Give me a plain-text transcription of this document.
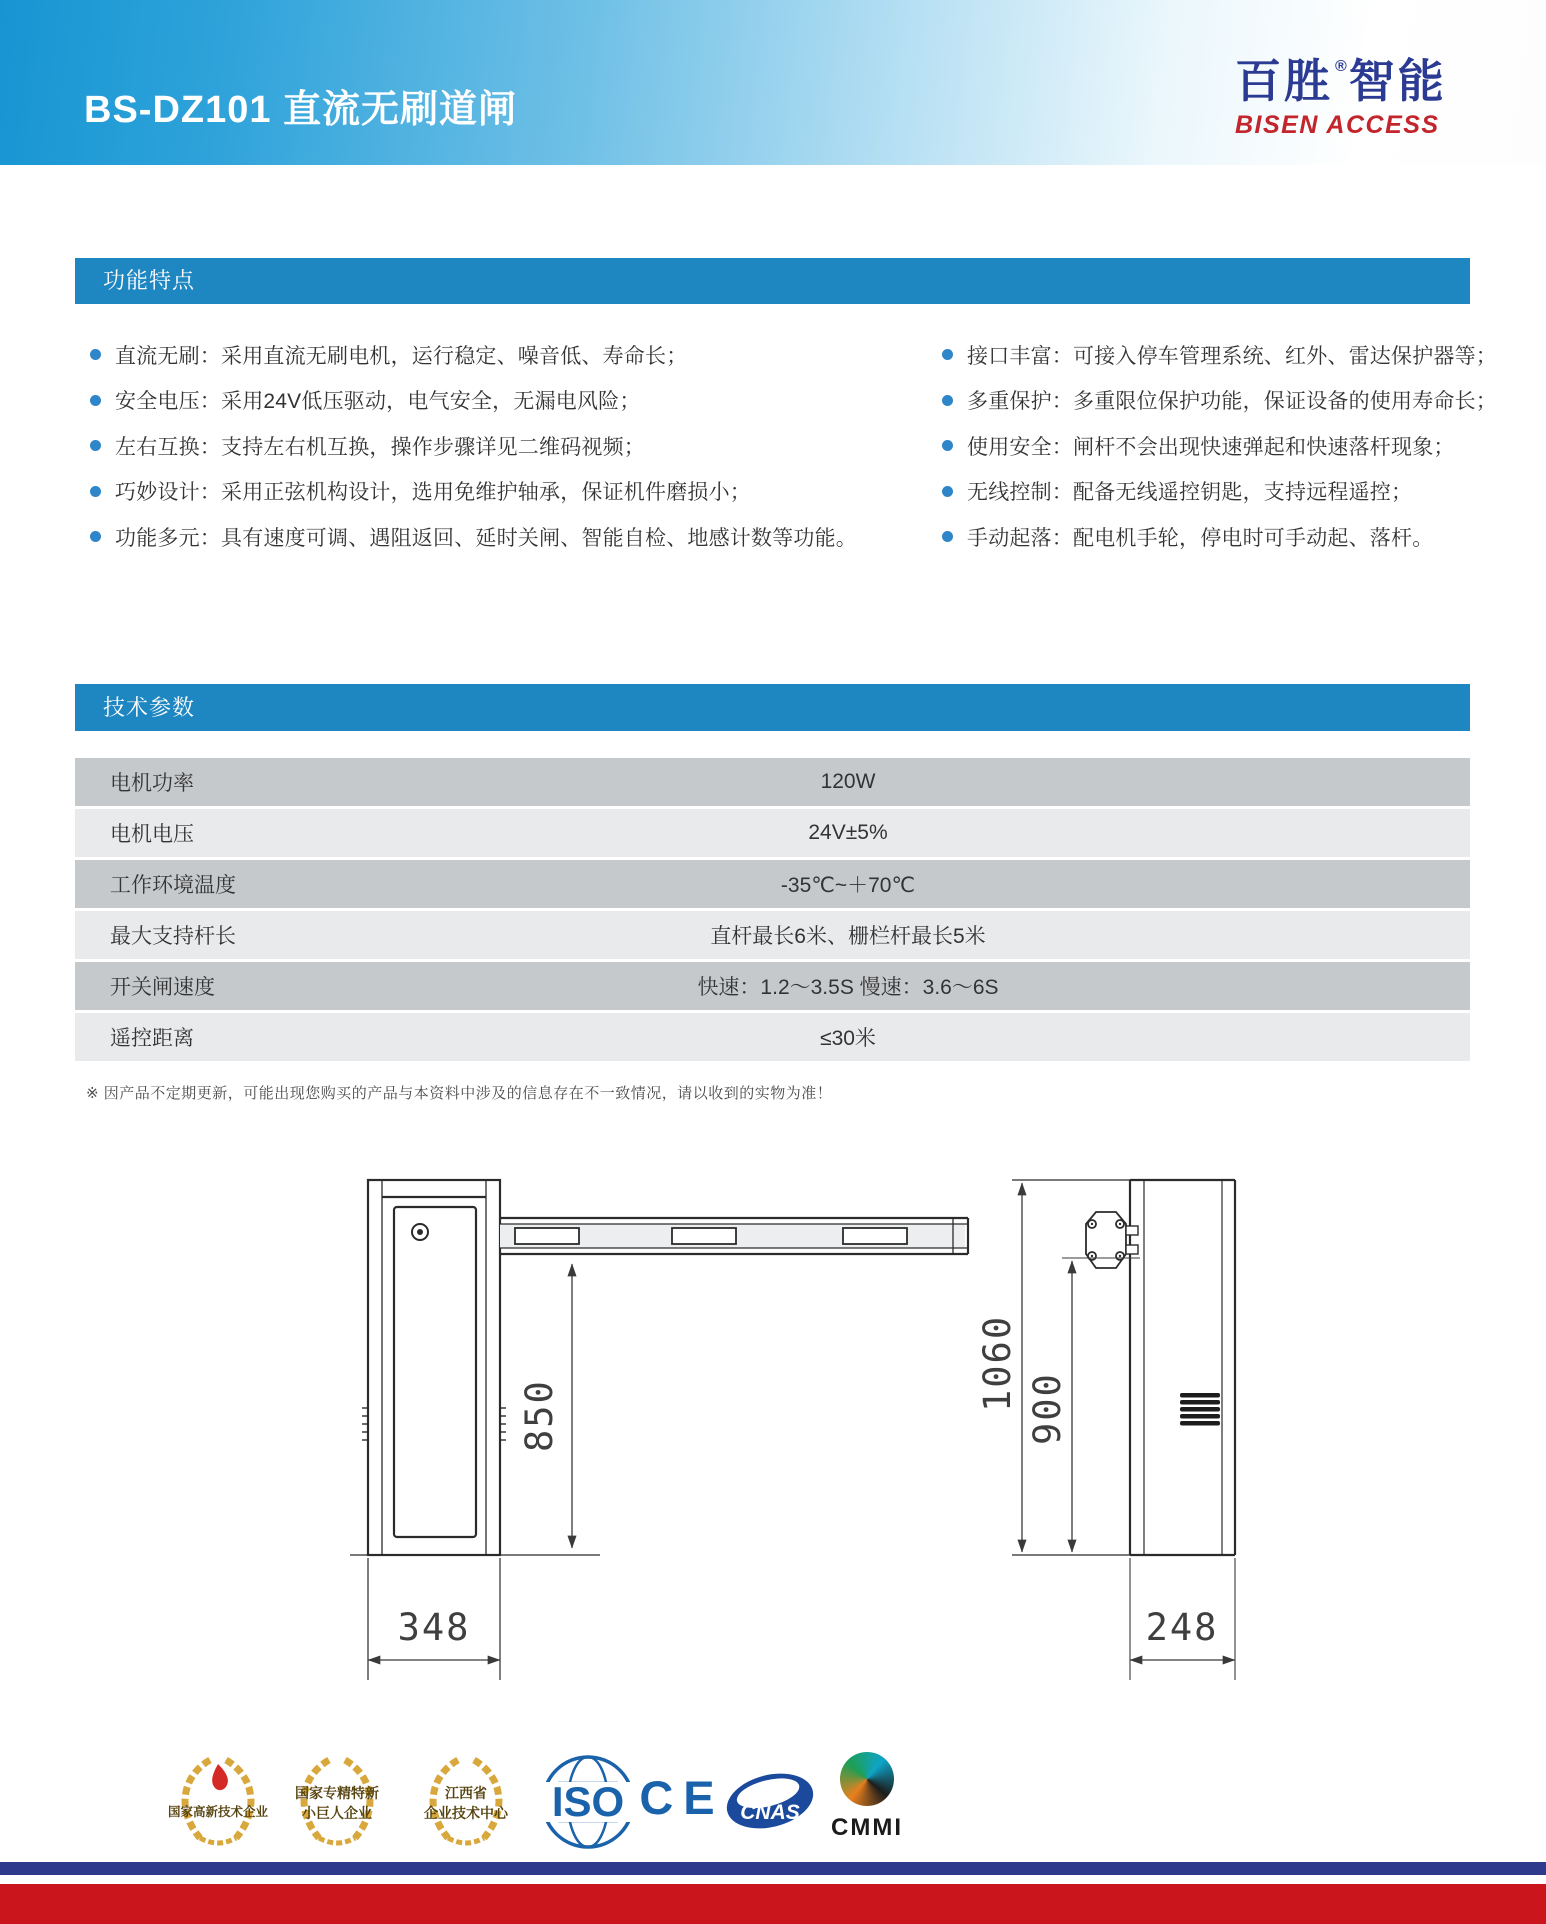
BS-DZ101 直流无刷道闸
百胜 ®智能
BISEN ACCESS
功能特点
直流无刷：采用直流无刷电机，运行稳定、噪音低、寿命长；
安全电压：采用24V低压驱动，电气安全，无漏电风险；
左右互换：支持左右机互换，操作步骤详见二维码视频；
巧妙设计：采用正弦机构设计，选用免维护轴承，保证机件磨损小；
功能多元：具有速度可调、遇阻返回、延时关闸、智能自检、地感计数等功能。
接口丰富：可接入停车管理系统、红外、雷达保护器等；
多重保护：多重限位保护功能，保证设备的使用寿命长；
使用安全：闸杆不会出现快速弹起和快速落杆现象；
无线控制：配备无线遥控钥匙，支持远程遥控；
手动起落：配电机手轮，停电时可手动起、落杆。
技术参数
电机功率	120W
电机电压	24V±5%
工作环境温度	-35℃~＋70℃
最大支持杆长	直杆最长6米、栅栏杆最长5米
开关闸速度	快速：1.2～3.5S 慢速：3.6～6S
遥控距离	≤30米
※ 因产品不定期更新，可能出现您购买的产品与本资料中涉及的信息存在不一致情况，请以收到的实物为准！
850
348
1060 900
248
国家高新技术企业
国家专精特新
小巨人企业
江西省
企业技术中心 ISO CE CNAS
CMMI
